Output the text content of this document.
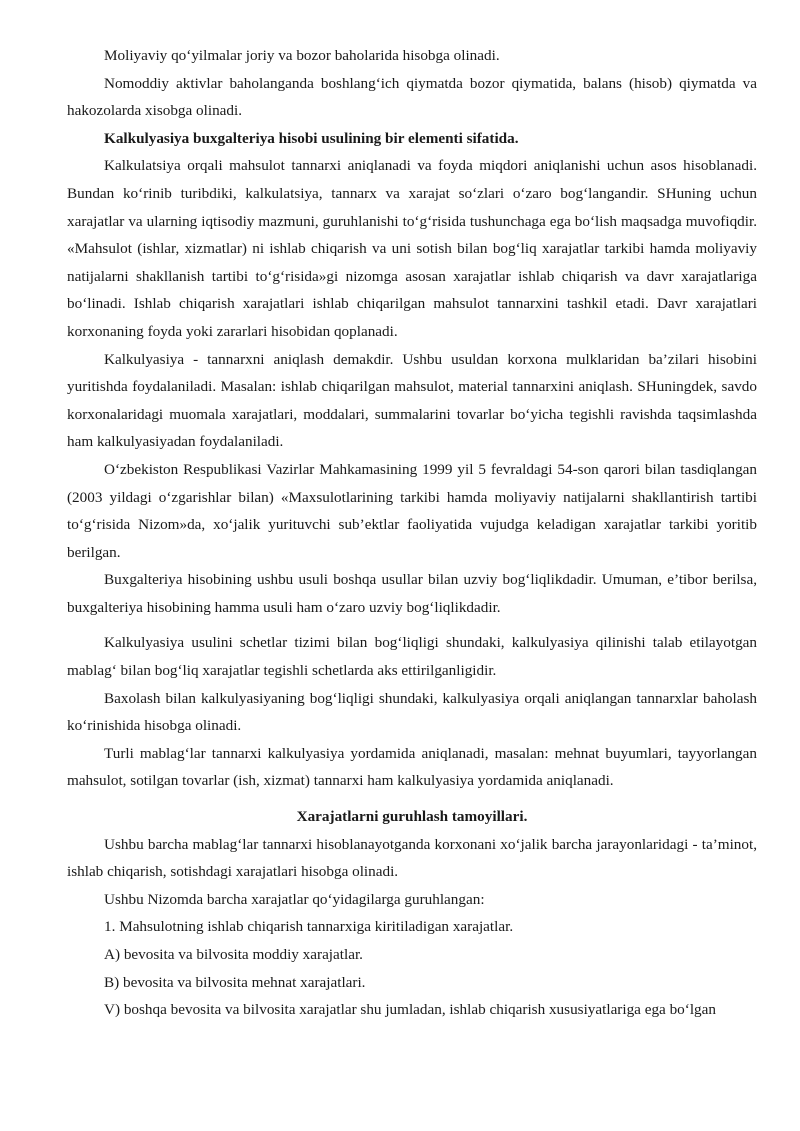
Moliyaviy qo‘yilmalar joriy va bozor baholarida hisobga olinadi.

Nomoddiy aktivlar baholanganda boshlang‘ich qiymatda bozor qiymatida, balans (hisob) qiymatda va hakozolarda xisobga olinadi.

Kalkulyasiya buxgalteriya hisobi usulining bir elementi sifatida.

Kalkulatsiya orqali mahsulot tannarxi aniqlanadi va foyda miqdori aniqlanishi uchun asos hisoblanadi. Bundan ko‘rinib turibdiki, kalkulatsiya, tannarx va xarajat so‘zlari o‘zaro bog‘langandir. SHuning uchun xarajatlar va ularning iqtisodiy mazmuni, guruhlanishi to‘g‘risida tushunchaga ega bo‘lish maqsadga muvofiqdir. «Mahsulot (ishlar, xizmatlar) ni ishlab chiqarish va uni sotish bilan bog‘liq xarajatlar tarkibi hamda moliyaviy natijalarni shakllanish tartibi to‘g‘risida»gi nizomga asosan xarajatlar ishlab chiqarish va davr xarajatlariga bo‘linadi. Ishlab chiqarish xarajatlari ishlab chiqarilgan mahsulot tannarxini tashkil etadi. Davr xarajatlari korxonaning foyda yoki zararlari hisobidan qoplanadi.

Kalkulyasiya - tannarxni aniqlash demakdir. Ushbu usuldan korxona mulklaridan ba’zilari hisobini yuritishda foydalaniladi. Masalan: ishlab chiqarilgan mahsulot, material tannarxini aniqlash. SHuningdek, savdo korxonalaridagi muomala xarajatlari, moddalari, summalarini tovarlar bo‘yicha tegishli ravishda taqsimlashda ham kalkulyasiyadan foydalaniladi.

O‘zbekiston Respublikasi Vazirlar Mahkamasining 1999 yil 5 fevraldagi 54-son qarori bilan tasdiqlangan (2003 yildagi o‘zgarishlar bilan) «Maxsulotlarining tarkibi hamda moliyaviy natijalarni shakllantirish tartibi to‘g‘risida Nizom»da, xo‘jalik yurituvchi sub’ektlar faoliyatida vujudga keladigan xarajatlar tarkibi yoritib berilgan.

Buxgalteriya hisobining ushbu usuli boshqa usullar bilan uzviy bog‘liqlikdadir. Umuman, e’tibor berilsa, buxgalteriya hisobining hamma usuli ham o‘zaro uzviy bog‘liqlikdadir.

Kalkulyasiya usulini schetlar tizimi bilan bog‘liqligi shundaki, kalkulyasiya qilinishi talab etilayotgan mablag‘ bilan bog‘liq xarajatlar tegishli schetlarda aks ettirilganligidir.

Baxolash bilan kalkulyasiyaning bog‘liqligi shundaki, kalkulyasiya orqali aniqlangan tannarxlar baholash ko‘rinishida hisobga olinadi.

Turli mablag‘lar tannarxi kalkulyasiya yordamida aniqlanadi, masalan: mehnat buyumlari, tayyorlangan mahsulot, sotilgan tovarlar (ish, xizmat) tannarxi ham kalkulyasiya yordamida aniqlanadi.

Xarajatlarni guruhlash tamoyillari.

Ushbu barcha mablag‘lar tannarxi hisoblanayotganda korxonani xo‘jalik barcha jarayonlaridagi - ta’minot, ishlab chiqarish, sotishdagi xarajatlari hisobga olinadi.

Ushbu Nizomda barcha xarajatlar qo‘yidagilarga guruhlangan:

1. Mahsulotning ishlab chiqarish tannarxiga kiritiladigan xarajatlar.

A) bevosita va bilvosita moddiy xarajatlar.

B) bevosita va bilvosita mehnat xarajatlari.

V) boshqa bevosita va bilvosita xarajatlar shu jumladan, ishlab chiqarish xususiyatlariga ega bo‘lgan
